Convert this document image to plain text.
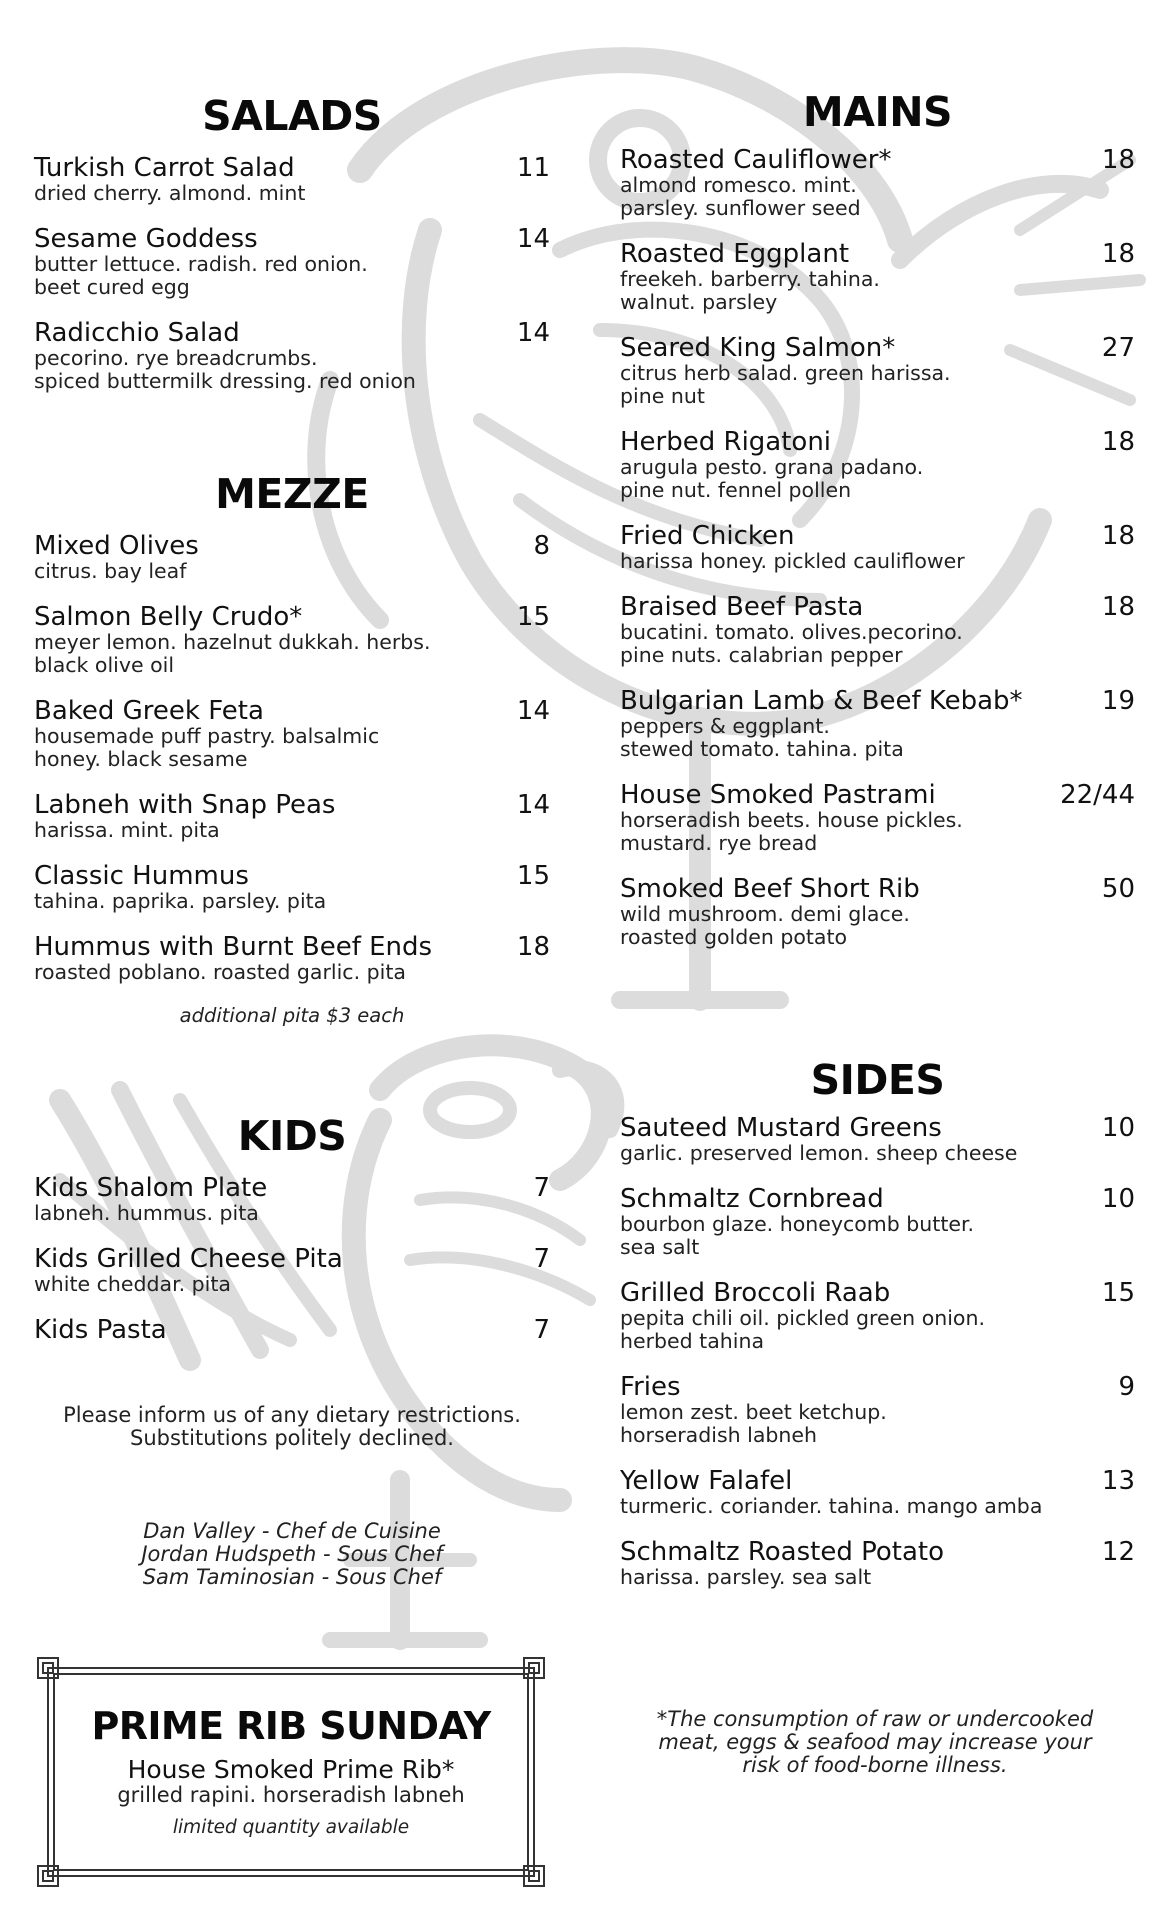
SALADS
Turkish Carrot Salad	11
dried cherry. almond. mint
Sesame Goddess	14
butter lettuce. radish. red onion.
beet cured egg
Radicchio Salad	14
pecorino. rye breadcrumbs.
spiced buttermilk dressing. red onion
MEZZE
Mixed Olives	8
citrus. bay leaf
Salmon Belly Crudo*	15
meyer lemon. hazelnut dukkah. herbs.
black olive oil
Baked Greek Feta	14
housemade puff pastry. balsalmic
honey. black sesame
Labneh with Snap Peas	14
harissa. mint. pita
Classic Hummus	15
tahina. paprika. parsley. pita
Hummus with Burnt Beef Ends	18
roasted poblano. roasted garlic. pita
additional pita $3 each
KIDS
Kids Shalom Plate	7
labneh. hummus. pita
Kids Grilled Cheese Pita	7
white cheddar. pita
Kids Pasta	7
Please inform us of any dietary restrictions.
Substitutions politely declined.
Dan Valley - Chef de Cuisine
Jordan Hudspeth - Sous Chef
Sam Taminosian - Sous Chef
PRIME RIB SUNDAY
House Smoked Prime Rib*
grilled rapini. horseradish labneh
limited quantity available
MAINS
Roasted Cauliflower*	18
almond romesco. mint.
parsley. sunflower seed
Roasted Eggplant	18
freekeh. barberry. tahina.
walnut. parsley
Seared King Salmon*	27
citrus herb salad. green harissa.
pine nut
Herbed Rigatoni	18
arugula pesto. grana padano.
pine nut. fennel pollen
Fried Chicken	18
harissa honey. pickled cauliflower
Braised Beef Pasta	18
bucatini. tomato. olives.pecorino.
pine nuts. calabrian pepper
Bulgarian Lamb & Beef Kebab*	19
peppers & eggplant.
stewed tomato. tahina. pita
House Smoked Pastrami	22/44
horseradish beets. house pickles.
mustard. rye bread
Smoked Beef Short Rib	50
wild mushroom. demi glace.
roasted golden potato
SIDES
Sauteed Mustard Greens	10
garlic. preserved lemon. sheep cheese
Schmaltz Cornbread	10
bourbon glaze. honeycomb butter.
sea salt
Grilled Broccoli Raab	15
pepita chili oil. pickled green onion.
herbed tahina
Fries	9
lemon zest. beet ketchup.
horseradish labneh
Yellow Falafel	13
turmeric. coriander. tahina. mango amba
Schmaltz Roasted Potato	12
harissa. parsley. sea salt
*The consumption of raw or undercooked
meat, eggs & seafood may increase your
risk of food-borne illness.
